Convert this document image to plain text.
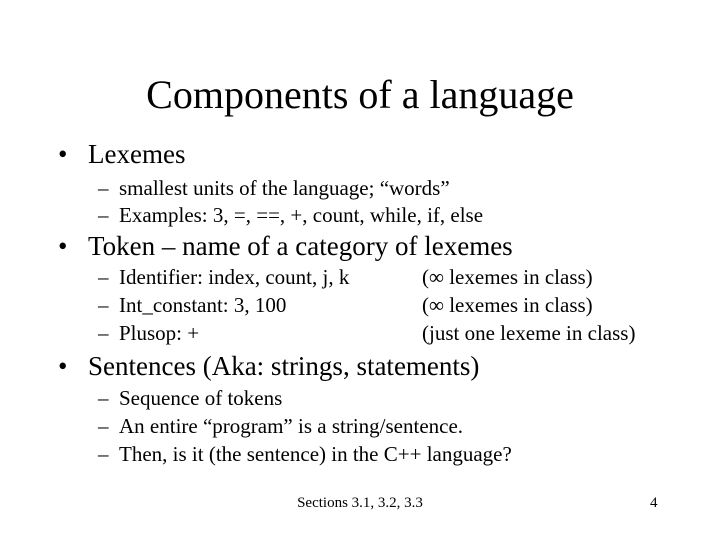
Components of a language
• Lexemes
– smallest units of the language; “words”
– Examples: 3, =, ==, +, count, while, if, else
• Token – name of a category of lexemes
– Identifier: index, count, j, k	(∞ lexemes in class)
– Int_constant: 3, 100	(∞ lexemes in class)
– Plusop: +	(just one lexeme in class)
• Sentences (Aka: strings, statements)
– Sequence of tokens
– An entire “program” is a string/sentence.
– Then, is it (the sentence) in the C++ language?
Sections 3.1, 3.2, 3.3	4
